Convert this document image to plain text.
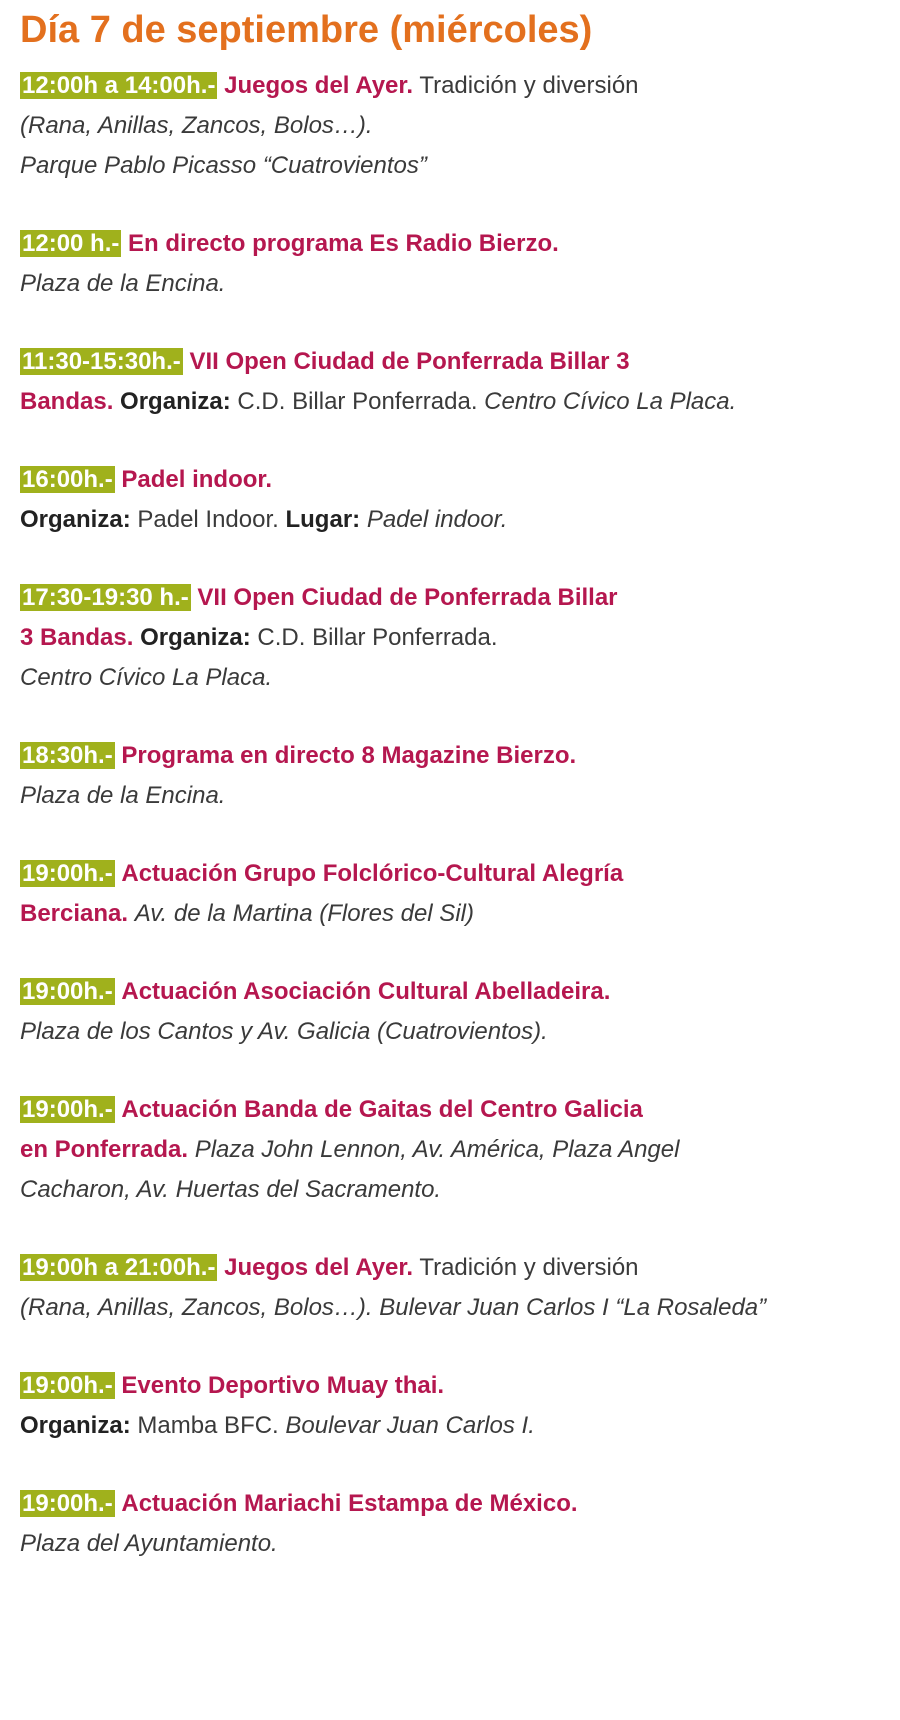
Día 7 de septiembre (miércoles)
12:00h a 14:00h.- Juegos del Ayer. Tradición y diversión
(Rana, Anillas, Zancos, Bolos…).
Parque Pablo Picasso “Cuatrovientos”
12:00 h.- En directo programa Es Radio Bierzo.
Plaza de la Encina.
11:30-15:30h.- VII Open Ciudad de Ponferrada Billar 3
Bandas. Organiza: C.D. Billar Ponferrada. Centro Cívico La Placa.
16:00h.- Padel indoor.
Organiza: Padel Indoor. Lugar: Padel indoor.
17:30-19:30 h.- VII Open Ciudad de Ponferrada Billar
3 Bandas. Organiza: C.D. Billar Ponferrada.
Centro Cívico La Placa.
18:30h.- Programa en directo 8 Magazine Bierzo.
Plaza de la Encina.
19:00h.- Actuación Grupo Folclórico-Cultural Alegría
Berciana. Av. de la Martina (Flores del Sil)
19:00h.- Actuación Asociación Cultural Abelladeira.
Plaza de los Cantos y Av. Galicia (Cuatrovientos).
19:00h.- Actuación Banda de Gaitas del Centro Galicia
en Ponferrada. Plaza John Lennon, Av. América, Plaza Angel
Cacharon, Av. Huertas del Sacramento.
19:00h a 21:00h.- Juegos del Ayer. Tradición y diversión
(Rana, Anillas, Zancos, Bolos…). Bulevar Juan Carlos I “La Rosaleda”
19:00h.- Evento Deportivo Muay thai.
Organiza: Mamba BFC. Boulevar Juan Carlos I.
19:00h.- Actuación Mariachi Estampa de México.
Plaza del Ayuntamiento.
